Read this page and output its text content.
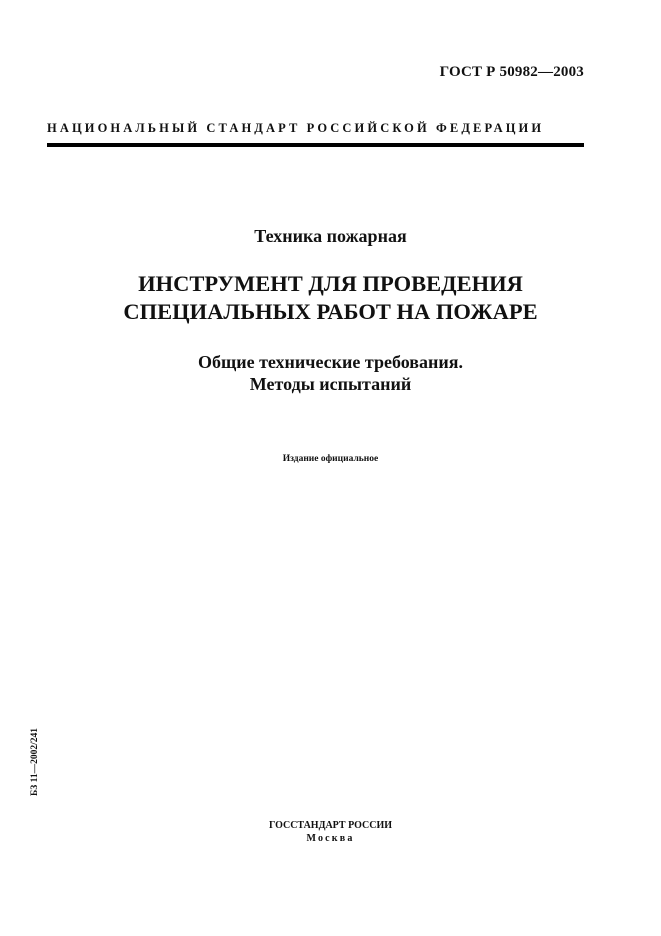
ГОСТ Р 50982—2003
НАЦИОНАЛЬНЫЙ СТАНДАРТ РОССИЙСКОЙ ФЕДЕРАЦИИ
Техника пожарная
ИНСТРУМЕНТ ДЛЯ ПРОВЕДЕНИЯ
СПЕЦИАЛЬНЫХ РАБОТ НА ПОЖАРЕ
Общие технические требования.
Методы испытаний
Издание официальное
БЗ 11—2002/241
ГОССТАНДАРТ РОССИИ
Москва
